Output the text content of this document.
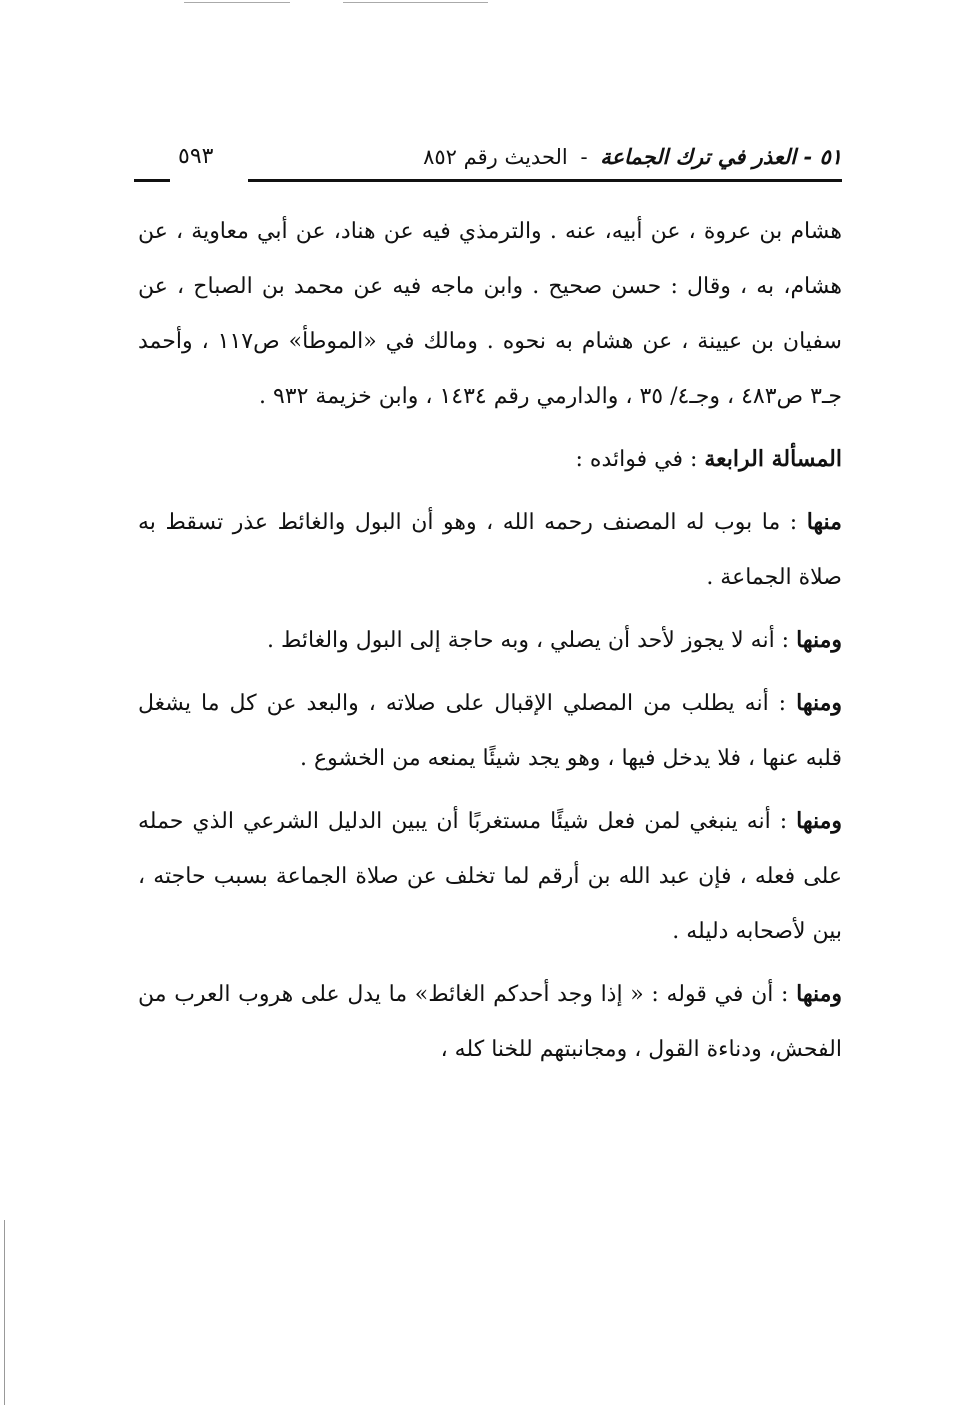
٥١ - العذر في ترك الجماعة - الحديث رقم ٨٥٢
٥٩٣

هشام بن عروة ، عن أبيه، عنه . والترمذي فيه عن هناد، عن أبي معاوية ، عن هشام، به ، وقال : حسن صحيح . وابن ماجه فيه عن محمد بن الصباح ، عن سفيان بن عيينة ، عن هشام به نحوه . ومالك في «الموطأ» ص١١٧ ، وأحمد جـ٣ ص٤٨٣ ، وجـ٤/ ٣٥ ، والدارمي رقم ١٤٣٤ ، وابن خزيمة ٩٣٢ .

المسألة الرابعة : في فوائده :

منها : ما بوب له المصنف رحمه الله ، وهو أن البول والغائط عذر تسقط به صلاة الجماعة .

ومنها : أنه لا يجوز لأحد أن يصلي ، وبه حاجة إلى البول والغائط .

ومنها : أنه يطلب من المصلي الإقبال على صلاته ، والبعد عن كل ما يشغل قلبه عنها ، فلا يدخل فيها ، وهو يجد شيئًا يمنعه من الخشوع .

ومنها : أنه ينبغي لمن فعل شيئًا مستغربًا أن يبين الدليل الشرعي الذي حمله على فعله ، فإن عبد الله بن أرقم لما تخلف عن صلاة الجماعة بسبب حاجته ، بين لأصحابه دليله .

ومنها : أن في قوله : « إذا وجد أحدكم الغائط» ما يدل على هروب العرب من الفحش، ودناءة القول ، ومجانبتهم للخنا كله ،
